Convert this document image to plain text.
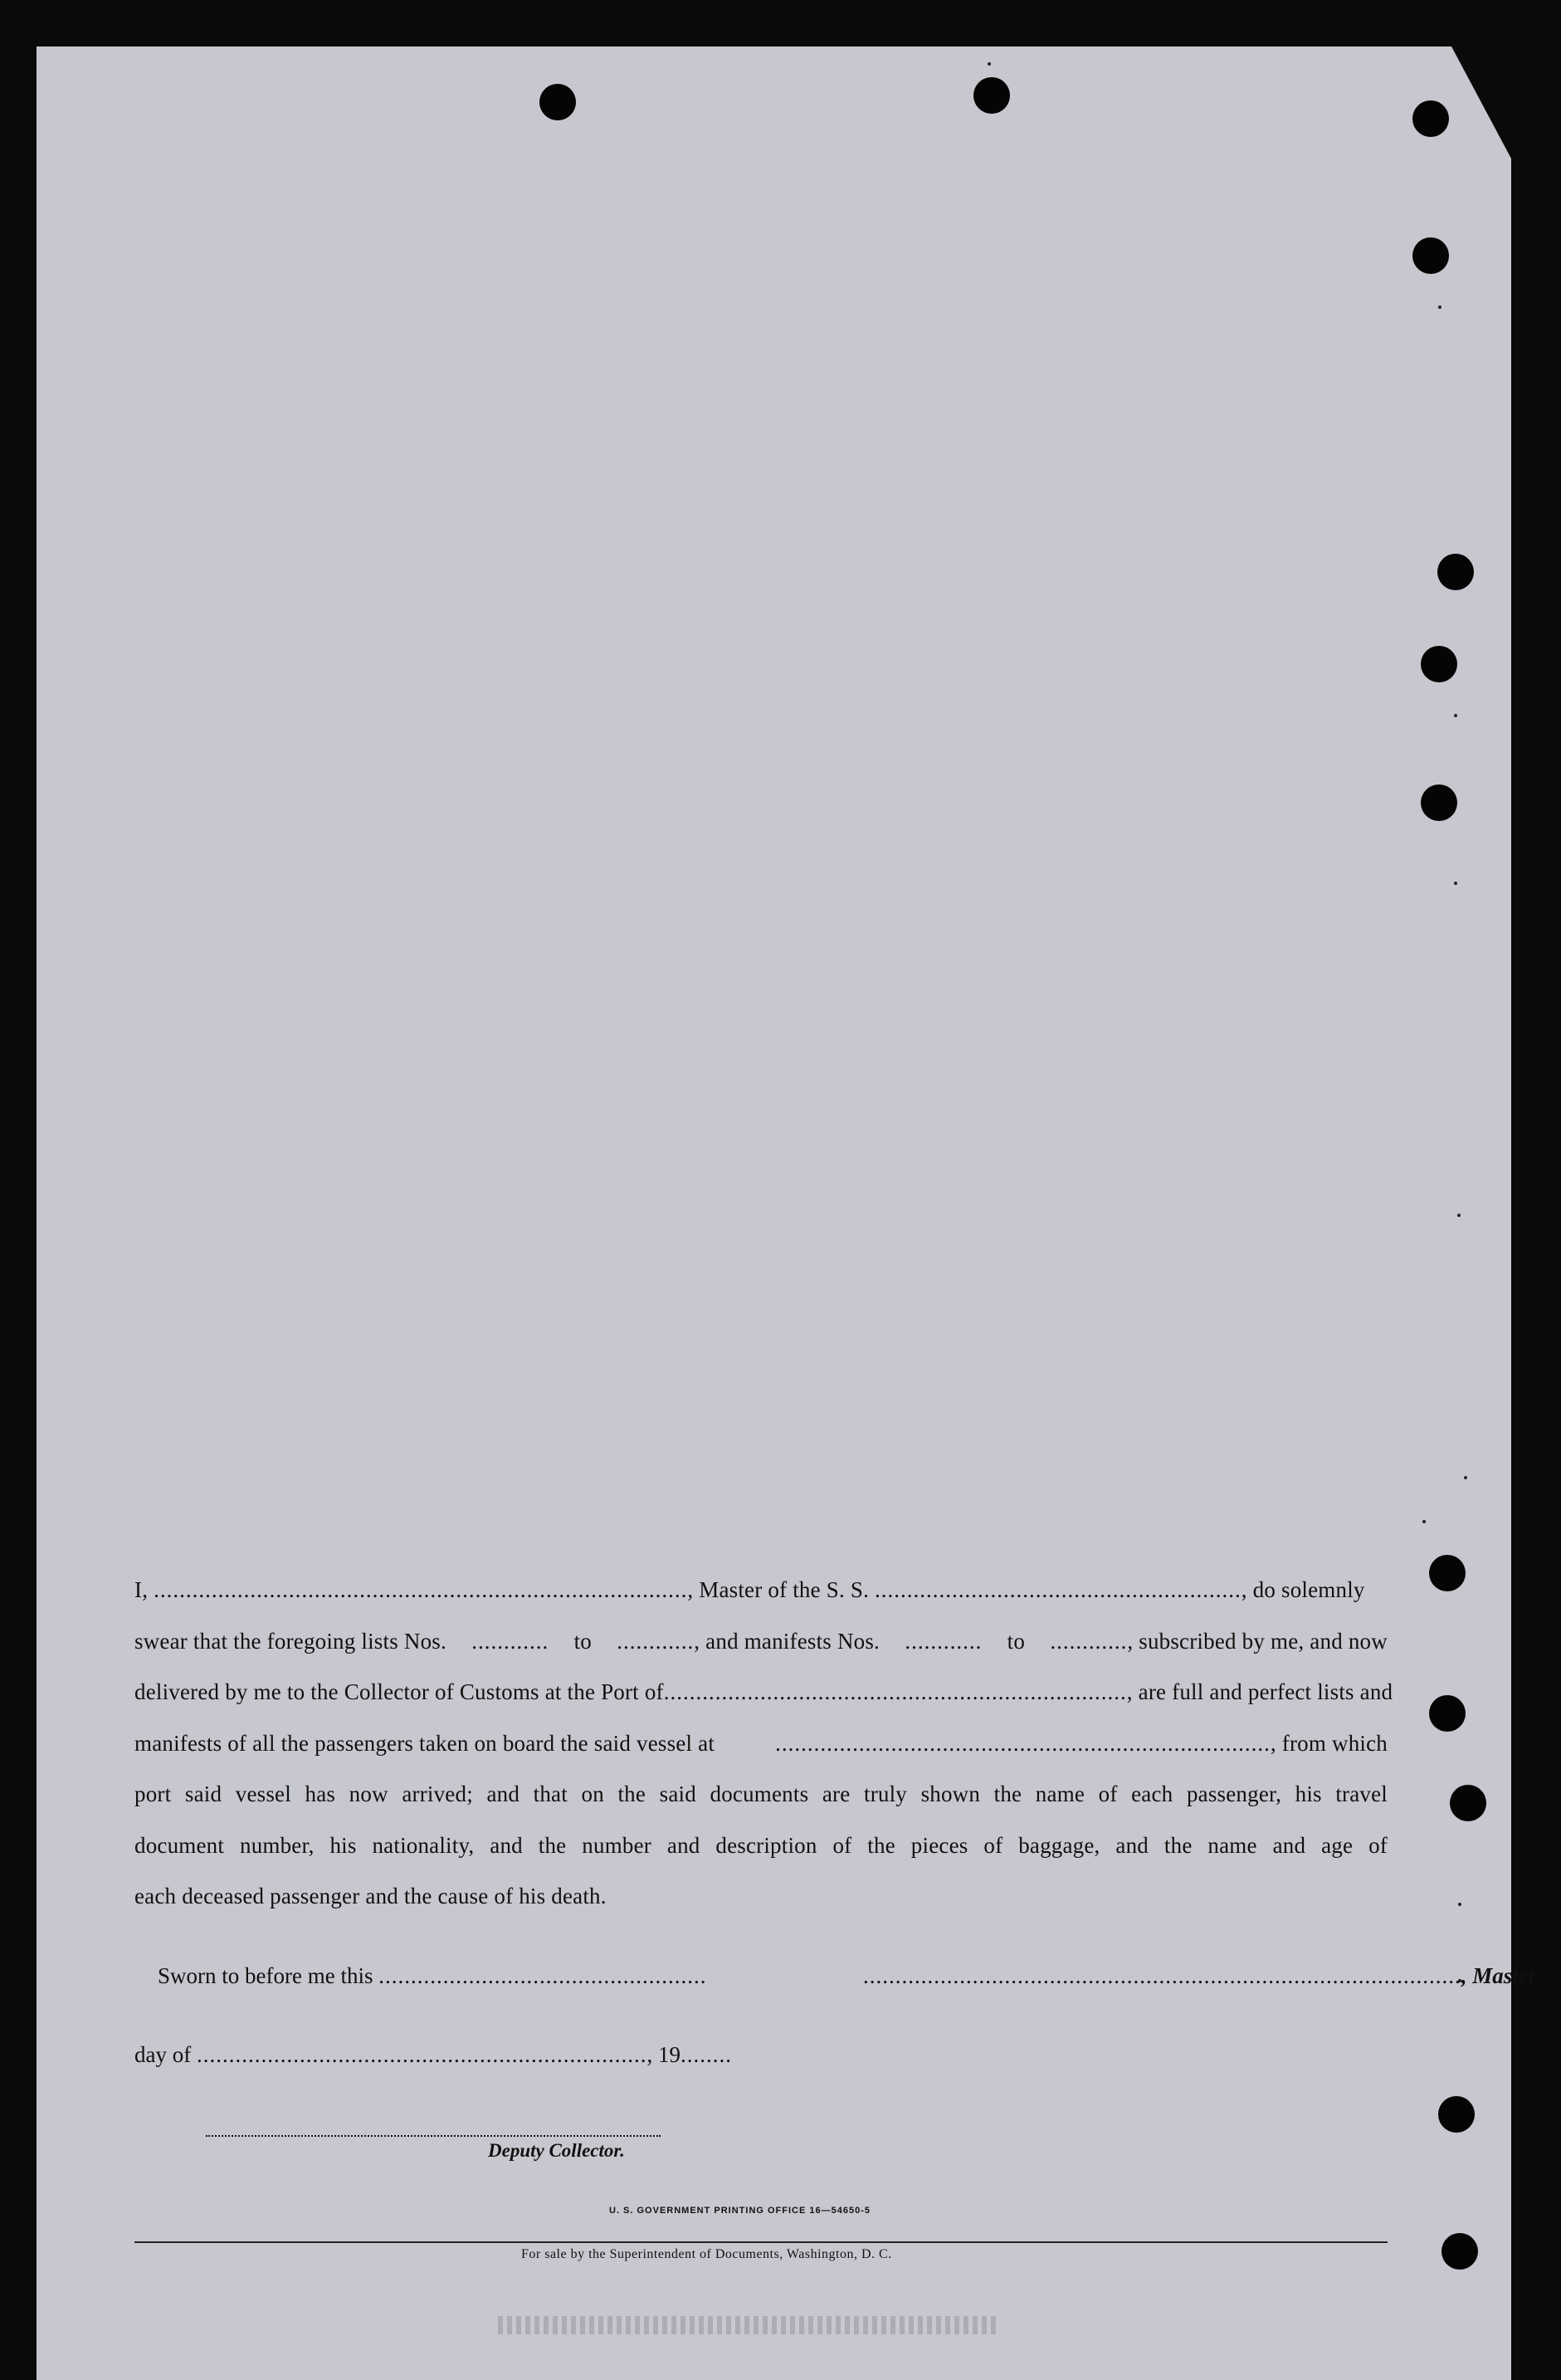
I, ..................................................................................., Master of the S. S. ........................................................., do solemnly
swear that the foregoing lists Nos. ............ to ............, and manifests Nos. ............ to ............, subscribed by me, and now
delivered by me to the Collector of Customs at the Port of ........................................................................, are full and perfect lists and
manifests of all the passengers taken on board the said vessel at	............................................................................., from which
port said vessel has now arrived; and that on the said documents are truly shown the name of each passenger, his travel
document number, his nationality, and the number and description of the pieces of baggage, and the name and age of
each deceased passenger and the cause of his death.
Sworn to before me this ...................................................	............................................................................................., Master
day of ......................................................................, 19........
Deputy Collector.
U. S. GOVERNMENT PRINTING OFFICE 16—54650-5
For sale by the Superintendent of Documents, Washington, D. C.
